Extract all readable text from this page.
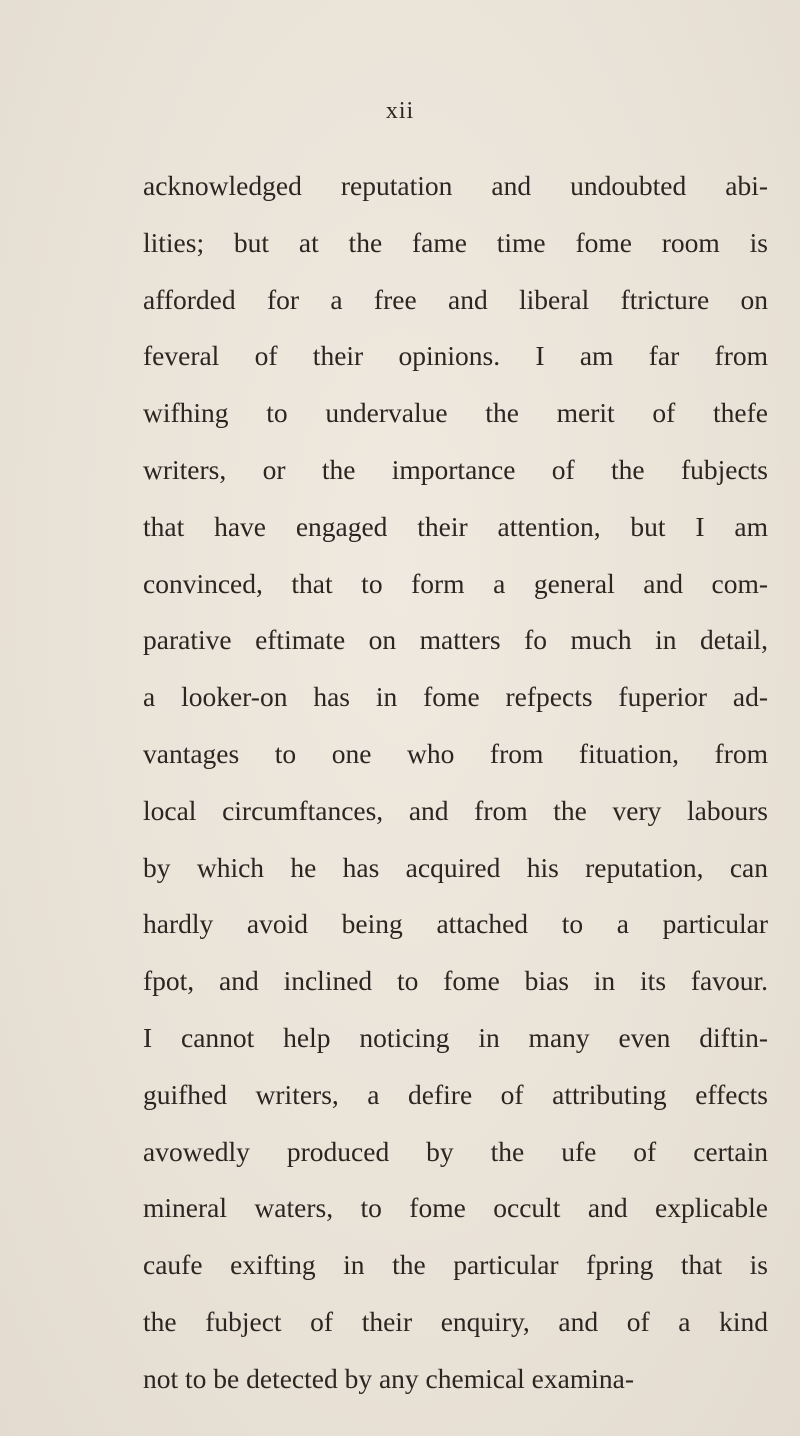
xii
acknowledged reputation and undoubted abi-
lities; but at the fame time fome room is
afforded for a free and liberal ftricture on
feveral of their opinions. I am far from
wifhing to undervalue the merit of thefe
writers, or the importance of the fubjects
that have engaged their attention, but I am
convinced, that to form a general and com-
parative eftimate on matters fo much in detail,
a looker-on has in fome refpects fuperior ad-
vantages to one who from fituation, from
local circumftances, and from the very labours
by which he has acquired his reputation, can
hardly avoid being attached to a particular
fpot, and inclined to fome bias in its favour.
I cannot help noticing in many even diftin-
guifhed writers, a defire of attributing effects
avowedly produced by the ufe of certain
mineral waters, to fome occult and explicable
caufe exifting in the particular fpring that is
the fubject of their enquiry, and of a kind
not to be detected by any chemical examina-
